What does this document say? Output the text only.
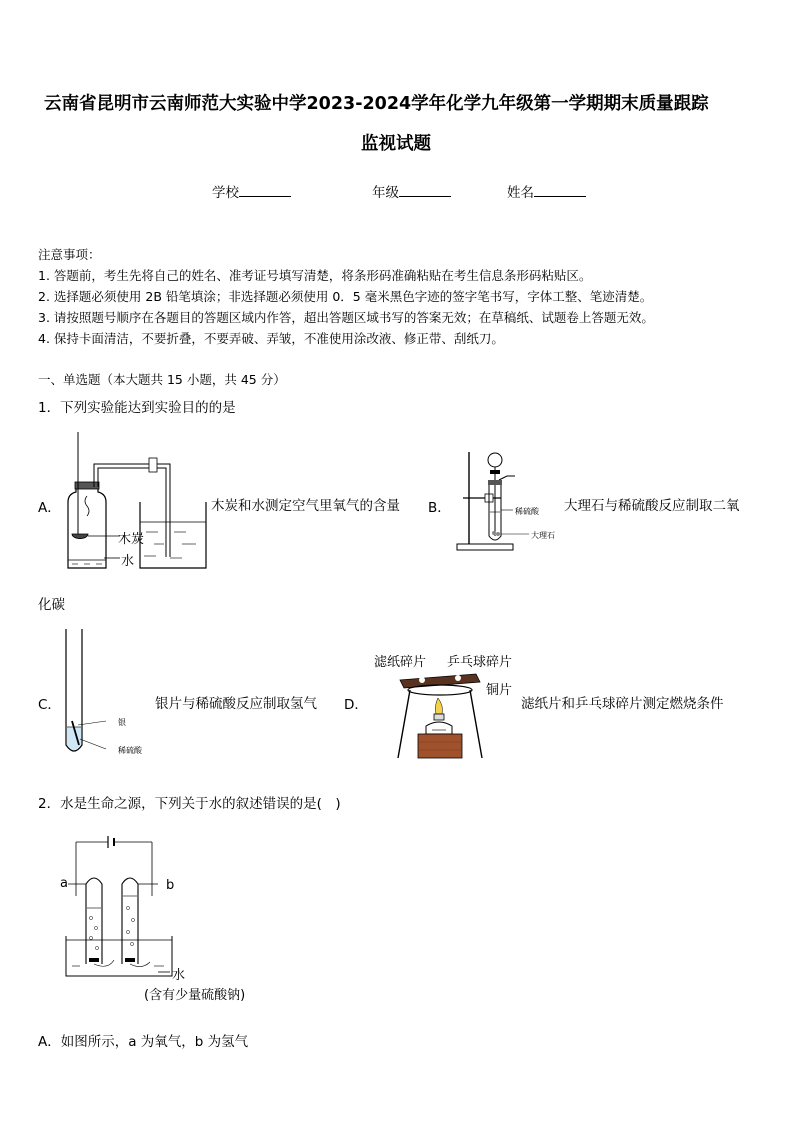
云南省昆明市云南师范大实验中学2023-2024学年化学九年级第一学期期末质量跟踪
监视试题
学校	年级	姓名
注意事项：
1. 答题前，考生先将自己的姓名、准考证号填写清楚，将条形码准确粘贴在考生信息条形码粘贴区。
2. 选择题必须使用 2B 铅笔填涂；非选择题必须使用 0．5 毫米黑色字迹的签字笔书写，字体工整、笔迹清楚。
3. 请按照题号顺序在各题目的答题区域内作答，超出答题区域书写的答案无效；在草稿纸、试题卷上答题无效。
4. 保持卡面清洁，不要折叠，不要弄破、弄皱，不准使用涂改液、修正带、刮纸刀。
一、单选题（本大题共 15 小题，共 45 分）
1．下列实验能达到实验目的的是
A．
木炭
水
木炭和水测定空气里氧气的含量 B．	稀硫酸
大理石
大理石与稀硫酸反应制取二氧
化碳
C．
银
稀硫酸
银片与稀硫酸反应制取氢气 D．
滤纸碎片 乒乓球碎片
铜片
滤纸片和乒乓球碎片测定燃烧条件
2．水是生命之源，下列关于水的叙述错误的是(　)
a	b
水
(含有少量硫酸钠)
A．如图所示，a 为氧气，b 为氢气
